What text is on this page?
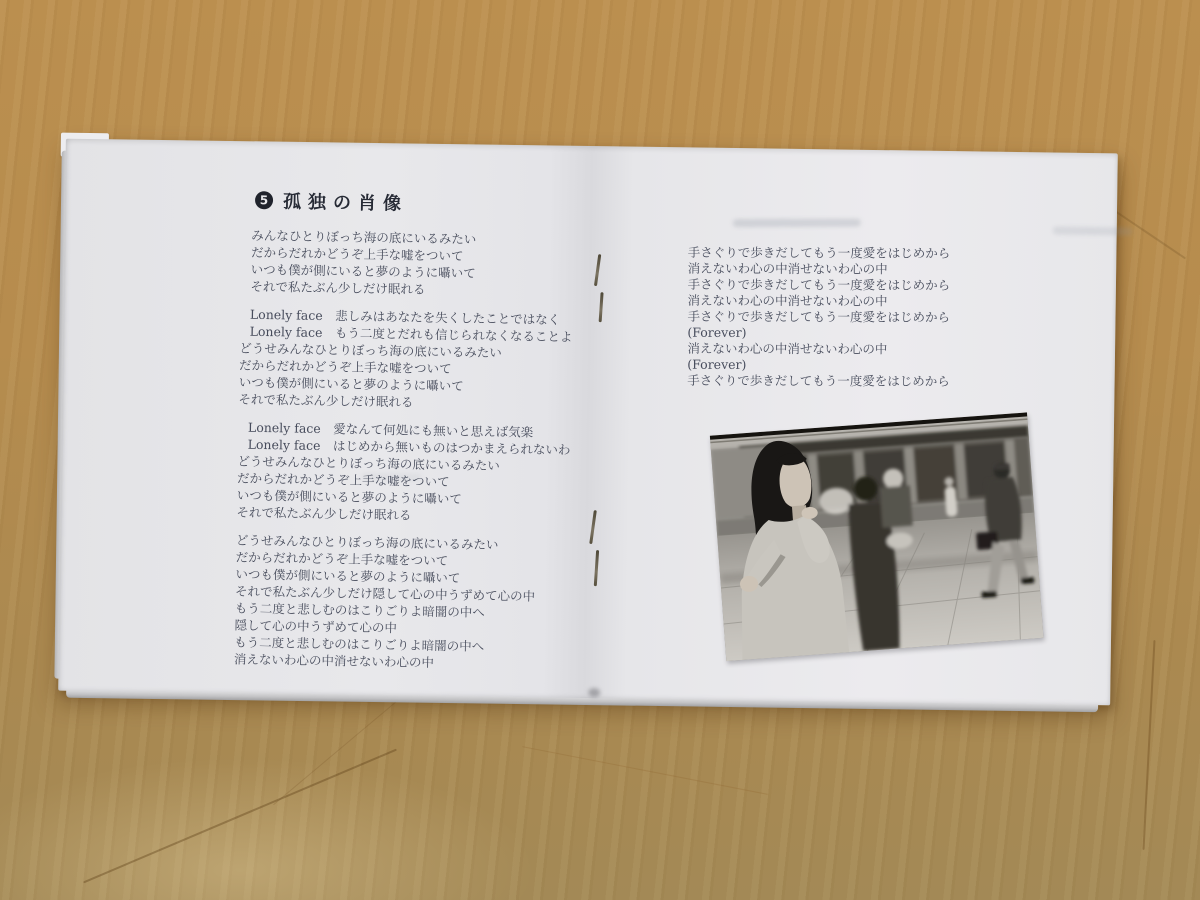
5 孤独の肖像
みんなひとりぼっち海の底にいるみたい
だからだれかどうぞ上手な嘘をついて
いつも僕が側にいると夢のように囁いて
それで私たぶん少しだけ眠れる
Lonely face　悲しみはあなたを失くしたことではなく
Lonely face　もう二度とだれも信じられなくなることよ
どうせみんなひとりぼっち海の底にいるみたい
だからだれかどうぞ上手な嘘をついて
いつも僕が側にいると夢のように囁いて
それで私たぶん少しだけ眠れる
Lonely face　愛なんて何処にも無いと思えば気楽
Lonely face　はじめから無いものはつかまえられないわ
どうせみんなひとりぼっち海の底にいるみたい
だからだれかどうぞ上手な嘘をついて
いつも僕が側にいると夢のように囁いて
それで私たぶん少しだけ眠れる
どうせみんなひとりぼっち海の底にいるみたい
だからだれかどうぞ上手な嘘をついて
いつも僕が側にいると夢のように囁いて
それで私たぶん少しだけ隠して心の中うずめて心の中
もう二度と悲しむのはこりごりよ暗闇の中へ
隠して心の中うずめて心の中
もう二度と悲しむのはこりごりよ暗闇の中へ
消えないわ心の中消せないわ心の中
手さぐりで歩きだしてもう一度愛をはじめから
消えないわ心の中消せないわ心の中
手さぐりで歩きだしてもう一度愛をはじめから
消えないわ心の中消せないわ心の中
手さぐりで歩きだしてもう一度愛をはじめから
(Forever)
消えないわ心の中消せないわ心の中
(Forever)
手さぐりで歩きだしてもう一度愛をはじめから
